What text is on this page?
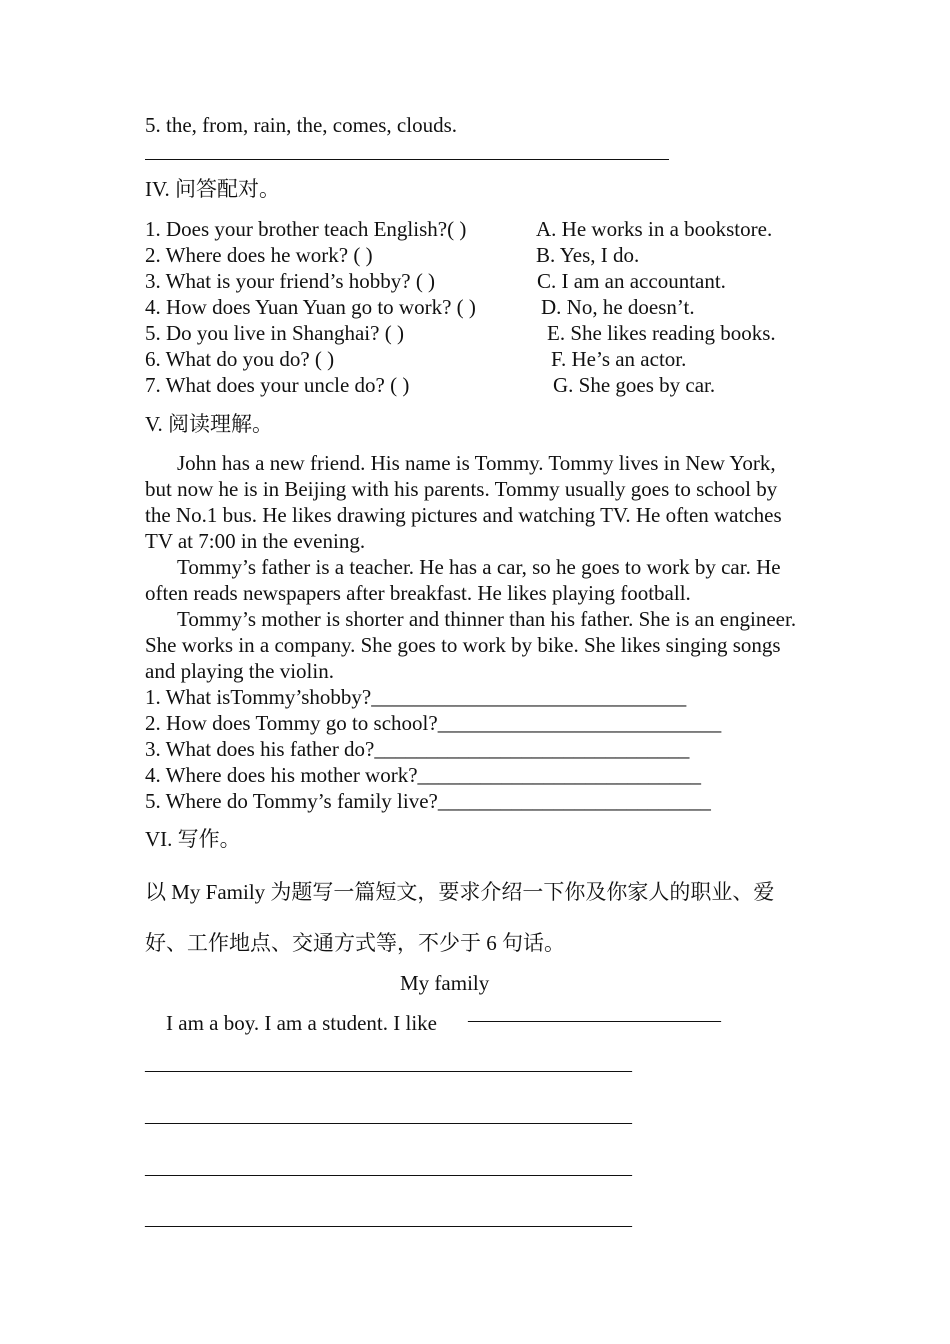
5. the, from, rain, the, comes, clouds.
IV. 问答配对。
1. Does your brother teach English?( )
2. Where does he work? ( )
3. What is your friend’s hobby? ( )
4. How does Yuan Yuan go to work? ( )
5. Do you live in Shanghai? ( )
6. What do you do? ( )
7. What does your uncle do? ( )
A. He works in a bookstore.
B. Yes, I do.
C. I am an accountant.
D. No, he doesn’t.
E. She likes reading books.
F. He’s an actor.
G. She goes by car.
V. 阅读理解。
John has a new friend. His name is Tommy. Tommy lives in New York, but now he is in Beijing with his parents. Tommy usually goes to school by the No.1 bus. He likes drawing pictures and watching TV. He often watches TV at 7:00 in the evening.
Tommy’s father is a teacher. He has a car, so he goes to work by car. He often reads newspapers after breakfast. He likes playing football.
Tommy’s mother is shorter and thinner than his father. She is an engineer. She works in a company. She goes to work by bike. She likes singing songs and playing the violin.
1. What isTommy’shobby?______________________________
2. How does Tommy go to school?___________________________
3. What does his father do?______________________________
4. Where does his mother work?___________________________
5. Where do Tommy’s family live?__________________________
VI. 写作。
以 My Family 为题写一篇短文，要求介绍一下你及你家人的职业、爱
好、工作地点、交通方式等，不少于 6 句话。
My family
I am a boy. I am a student. I like ——————————————
———————————————————————————
———————————————————————————
———————————————————————————
———————————————————————————
